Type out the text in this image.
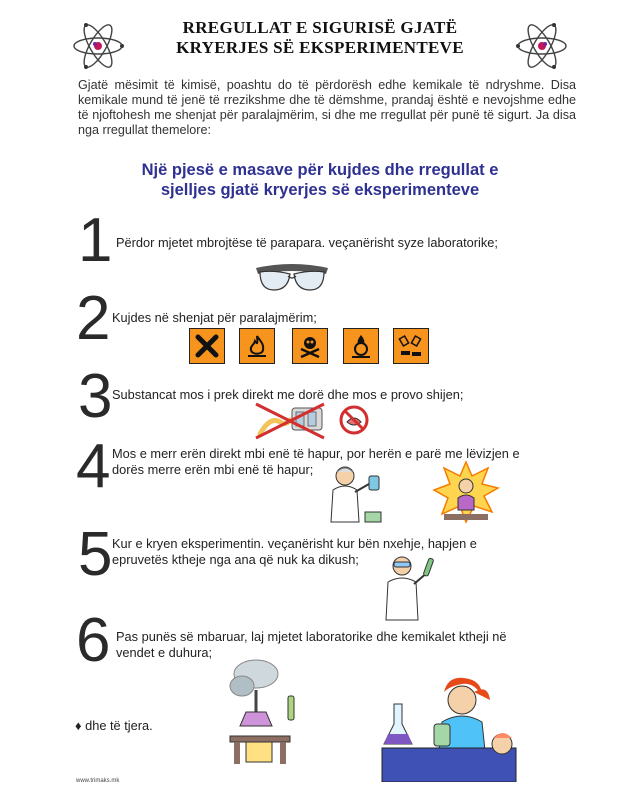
RREGULLAT E SIGURISË GJATË
KRYERJES SË EKSPERIMENTEVE
Gjatë mësimit të kimisë, poashtu do të përdorësh edhe kemikale të ndryshme. Disa kemikale mund të jenë të rrezikshme dhe të dëmshme, prandaj është e nevojshme edhe të njoftohesh me shenjat për paralajmërim, si dhe me rregullat për punë të sigurt. Ja disa nga rregullat themelore:
Një pjesë e masave për kujdes dhe rregullat e
sjelljes gjatë kryerjes së eksperimenteve
1 Përdor mjetet mbrojtëse të parapara. veçanërisht syze laboratorike;
2 Kujdes në shenjat për paralajmërim;
3 Substancat mos i prek direkt me dorë dhe mos e provo shijen;
4 Mos e merr erën direkt mbi enë të hapur, por herën e parë me lëvizjen e
dorës merre erën mbi enë të hapur;
5 Kur e kryen eksperimentin. veçanërisht kur bën nxehje, hapjen e
epruvetës ktheje nga ana që nuk ka dikush;
6 Pas punës së mbaruar, laj mjetet laboratorike dhe kemikalet ktheji në
vendet e duhura;
♦ dhe të tjera.
www.trimaks.mk
